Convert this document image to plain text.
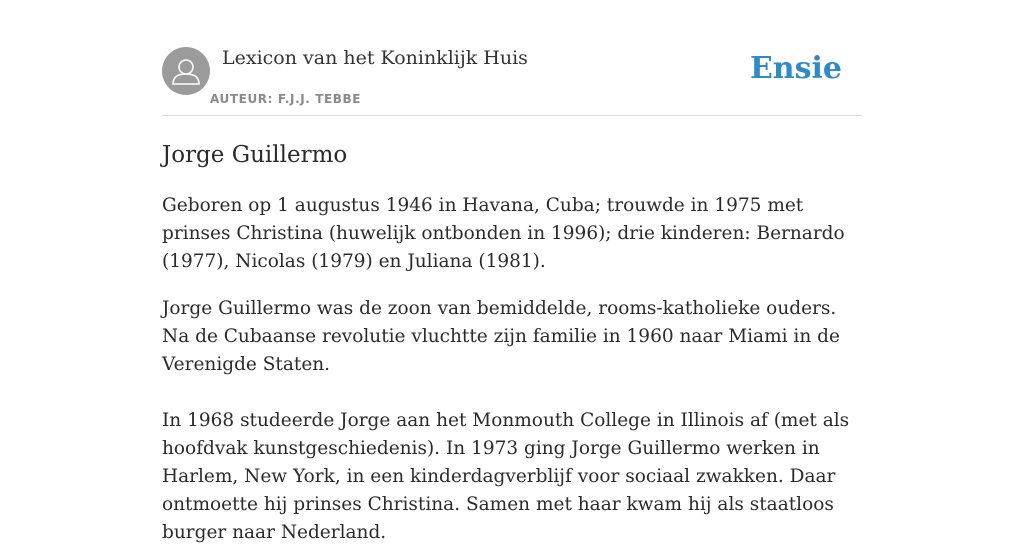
Lexicon van het Koninklijk Huis
AUTEUR: F.J.J. TEBBE
Ensie
Jorge Guillermo

Geboren op 1 augustus 1946 in Havana, Cuba; trouwde in 1975 met prinses Christina (huwelijk ontbonden in 1996); drie kinderen: Bernardo (1977), Nicolas (1979) en Juliana (1981).

Jorge Guillermo was de zoon van bemiddelde, rooms-katholieke ouders. Na de Cubaanse revolutie vluchtte zijn familie in 1960 naar Miami in de Verenigde Staten.

In 1968 studeerde Jorge aan het Monmouth College in Illinois af (met als hoofdvak kunstgeschiedenis). In 1973 ging Jorge Guillermo werken in Harlem, New York, in een kinderdagverblijf voor sociaal zwakken. Daar ontmoette hij prinses Christina. Samen met haar kwam hij als staatloos burger naar Nederland.
